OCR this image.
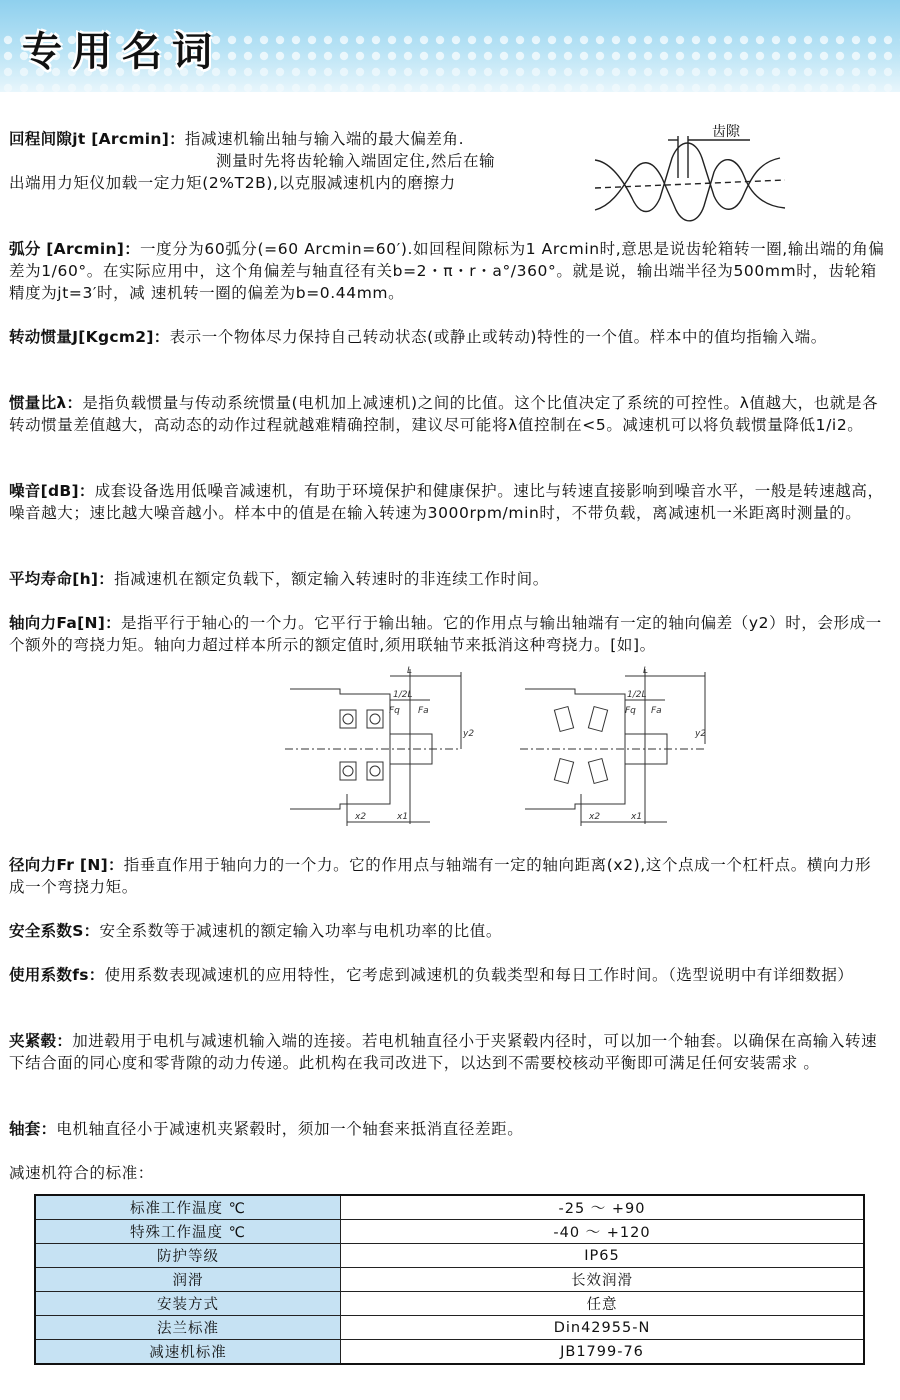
专用名词
回程间隙jt [Arcmin]：指减速机输出轴与输入端的最大偏差角.
测量时先将齿轮输入端固定住,然后在输
出端用力矩仪加载一定力矩(2%T2B),以克服减速机内的磨擦力
齿隙
弧分 [Arcmin]：一度分为60弧分(=60 Arcmin=60′).如回程间隙标为1 Arcmin时,意思是说齿轮箱转一圈,输出端的角偏差为1/60°。在实际应用中，这个角偏差与轴直径有关b=2・π・r・a°/360°。就是说，输出端半径为500mm时，齿轮箱精度为jt=3′时，减 速机转一圈的偏差为b=0.44mm。
转动惯量J[Kgcm2]：表示一个物体尽力保持自己转动状态(或静止或转动)特性的一个值。样本中的值均指输入端。
惯量比λ：是指负载惯量与传动系统惯量(电机加上减速机)之间的比值。这个比值决定了系统的可控性。λ值越大，也就是各转动惯量差值越大，高动态的动作过程就越难精确控制，建议尽可能将λ值控制在<5。减速机可以将负载惯量降低1/i2。
噪音[dB]：成套设备选用低噪音减速机，有助于环境保护和健康保护。速比与转速直接影响到噪音水平，一般是转速越高，噪音越大；速比越大噪音越小。样本中的值是在输入转速为3000rpm/min时，不带负载，离减速机一米距离时测量的。
平均寿命[h]：指减速机在额定负载下，额定输入转速时的非连续工作时间。
轴向力Fa[N]：是指平行于轴心的一个力。它平行于输出轴。它的作用点与输出轴端有一定的轴向偏差（y2）时，会形成一个额外的弯挠力矩。轴向力超过样本所示的额定值时,须用联轴节来抵消这种弯挠力。[如]。
L
1/2L
Fq Fa
y2
x2	x1
L
1/2L
Fq Fa
y2
x2	x1
径向力Fr [N]：指垂直作用于轴向力的一个力。它的作用点与轴端有一定的轴向距离(x2),这个点成一个杠杆点。横向力形成一个弯挠力矩。
安全系数S：安全系数等于减速机的额定输入功率与电机功率的比值。
使用系数fs：使用系数表现减速机的应用特性，它考虑到减速机的负载类型和每日工作时间。（选型说明中有详细数据）
夹紧毂：加进毂用于电机与减速机输入端的连接。若电机轴直径小于夹紧毂内径时，可以加一个轴套。以确保在高输入转速下结合面的同心度和零背隙的动力传递。此机构在我司改进下，以达到不需要校核动平衡即可满足任何安装需求 。
轴套：电机轴直径小于减速机夹紧毂时，须加一个轴套来抵消直径差距。
减速机符合的标准：
标准工作温度 ℃	-25 ～ +90
特殊工作温度 ℃	-40 ～ +120
防护等级	IP65
润滑	长效润滑
安装方式	任意
法兰标准	Din42955-N
减速机标准	JB1799-76
